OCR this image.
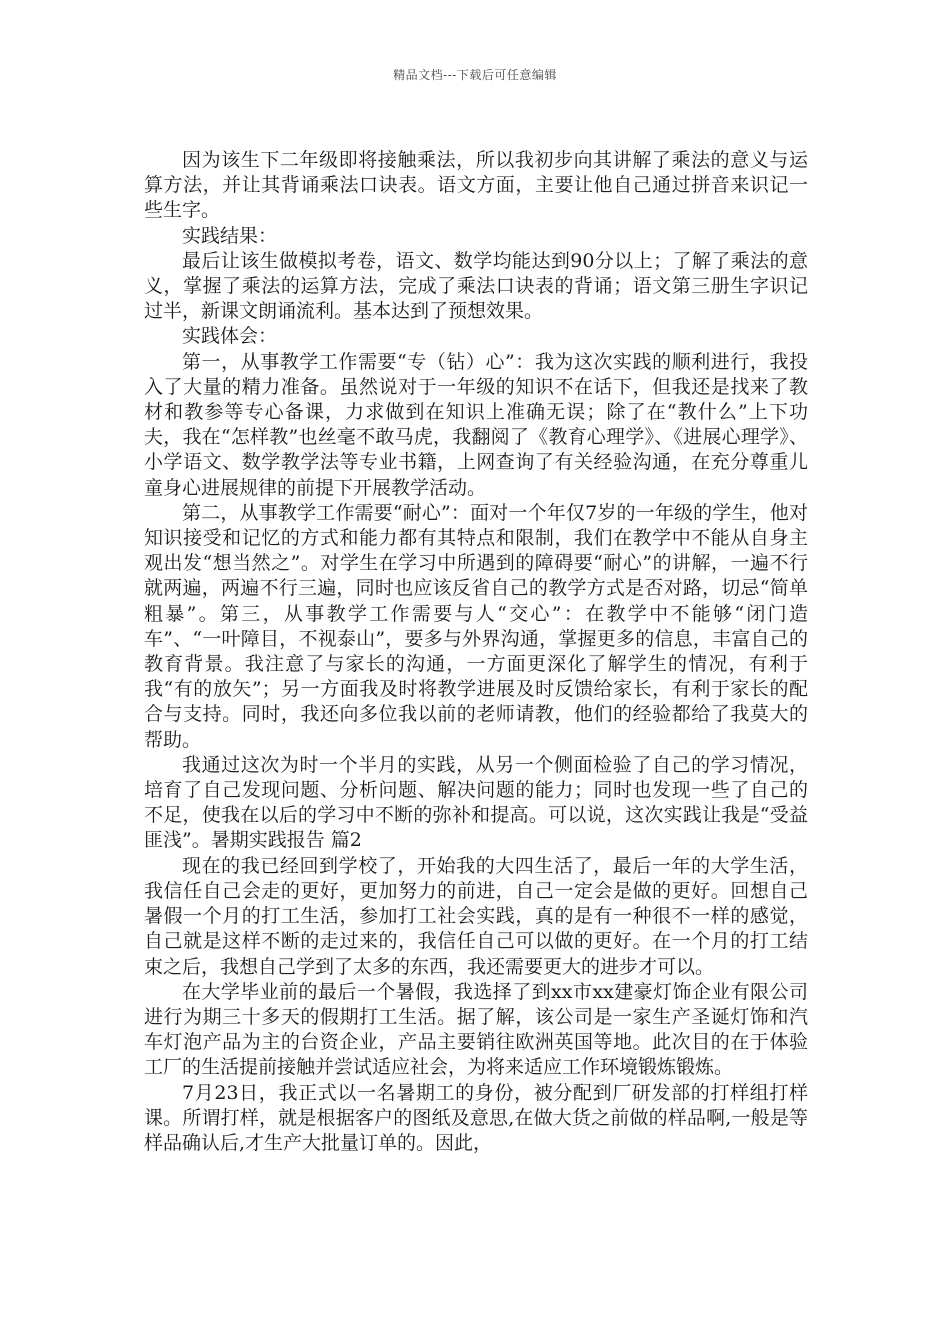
精品文档---下载后可任意编辑

因为该生下二年级即将接触乘法，所以我初步向其讲解了乘法的意义与运算方法，并让其背诵乘法口诀表。语文方面，主要让他自己通过拼音来识记一些生字。

实践结果：

最后让该生做模拟考卷，语文、数学均能达到90分以上；了解了乘法的意义，掌握了乘法的运算方法，完成了乘法口诀表的背诵；语文第三册生字识记过半，新课文朗诵流利。基本达到了预想效果。

实践体会：

第一，从事教学工作需要“专（钻）心”：我为这次实践的顺利进行，我投入了大量的精力准备。虽然说对于一年级的知识不在话下，但我还是找来了教材和教参等专心备课，力求做到在知识上准确无误；除了在“教什么”上下功夫，我在“怎样教”也丝毫不敢马虎，我翻阅了《教育心理学》、《进展心理学》、小学语文、数学教学法等专业书籍，上网查询了有关经验沟通，在充分尊重儿童身心进展规律的前提下开展教学活动。

第二，从事教学工作需要“耐心”：面对一个年仅7岁的一年级的学生，他对知识接受和记忆的方式和能力都有其特点和限制，我们在教学中不能从自身主观出发“想当然之”。对学生在学习中所遇到的障碍要“耐心”的讲解，一遍不行就两遍，两遍不行三遍，同时也应该反省自己的教学方式是否对路，切忌“简单粗暴”。第三，从事教学工作需要与人“交心”：在教学中不能够“闭门造车”、“一叶障目，不视泰山”，要多与外界沟通，掌握更多的信息，丰富自己的教育背景。我注意了与家长的沟通，一方面更深化了解学生的情况，有利于我“有的放矢”；另一方面我及时将教学进展及时反馈给家长，有利于家长的配合与支持。同时，我还向多位我以前的老师请教，他们的经验都给了我莫大的帮助。

我通过这次为时一个半月的实践，从另一个侧面检验了自己的学习情况，培育了自己发现问题、分析问题、解决问题的能力；同时也发现一些了自己的不足，使我在以后的学习中不断的弥补和提高。可以说，这次实践让我是“受益匪浅”。暑期实践报告 篇2

现在的我已经回到学校了，开始我的大四生活了，最后一年的大学生活，我信任自己会走的更好，更加努力的前进，自己一定会是做的更好。回想自己暑假一个月的打工生活，参加打工社会实践，真的是有一种很不一样的感觉，自己就是这样不断的走过来的，我信任自己可以做的更好。在一个月的打工结束之后，我想自己学到了太多的东西，我还需要更大的进步才可以。

在大学毕业前的最后一个暑假，我选择了到xx市xx建豪灯饰企业有限公司进行为期三十多天的假期打工生活。据了解，该公司是一家生产圣诞灯饰和汽车灯泡产品为主的台资企业，产品主要销往欧洲英国等地。此次目的在于体验工厂的生活提前接触并尝试适应社会，为将来适应工作环境锻炼锻炼。

7月23日，我正式以一名暑期工的身份，被分配到厂研发部的打样组打样课。所谓打样，就是根据客户的图纸及意思,在做大货之前做的样品啊,一般是等样品确认后,才生产大批量订单的。因此，
